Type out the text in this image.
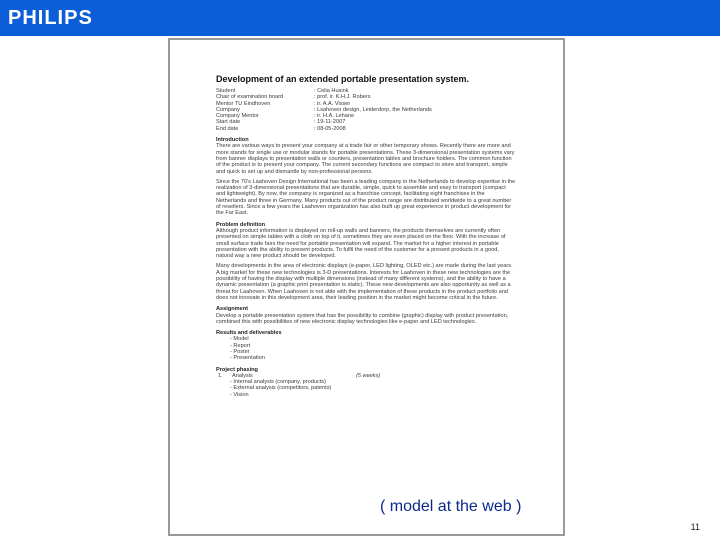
PHILIPS
Development of an extended portable presentation system.
Student	: Celia Husink
Chair of examination board	: prof. ir. K.H.J. Robers
Mentor TU Eindhoven	: ir. A.A. Visser
Company	: Lsahoven design, Leiderdorp, the Netherlands
Company Mentor	: ir. H.A. Lehane
Start date	: 19-11-2007
End date	: 08-05-2008
Introduction

There are various ways to present your company at a trade fair or other temporary shows. Recently there are more and more stands for single use or modular stands for portable presentations. These 3-dimensional presentation systems vary from banner displays to presentation walls or counters, presentation tables and brochure holders. The common function of the product is to present your company. The current secondary functions are compact to store and transport, simple and quick to set up and dismantle by non-professional persons.

Since the 70's Laahoven Design International has been a leading company in the Netherlands to develop expertise in the realization of 3-dimensional presentations that are durable, simple, quick to assemble and easy to transport (compact and lightweight). By now, the company is organized as a franchise concept, facilitating eight franchises in the Netherlands and three in Germany. Many products out of the product range are distributed worldwide to a great number of resellers. Since a few years the Laahoven organization has also built up great experience in product development for the Far East.

Problem definition

Although product information is displayed on roll-up walls and banners, the products themselves are currently often presented on simple tables with a cloth on top of it, sometimes they are even placed on the floor. With the increase of small surface trade fairs the need for portable presentation will expand. The market for a higher interest in portable presentation with the ability to present products. To fulfil the need of the customer for a present products in a good, natural way a new product should be developed.

Many developments in the area of electronic displays (e-paper, LED lighting, OLED etc.) are made during the last years. A big market for these new technologies is 3-D presentations. Interests for Laahoven in these new technologies are the possibility of having the display with multiple dimensions (instead of many different systems), and the ability to have a dynamic presentation (a graphic print presentation is static). These new developments are also opportunity as well as a threat for Laahoven. When Laahoven is not able with the implementation of these products in the product portfolio and does not innovate in this development area, their leading position in the market might become critical in the future.

Assignment

Develop a portable presentation system that has the possibility to combine (graphic) display with product presentation, combined this with possibilities of new electronic display technologies like e-paper and LED technologies.

Results and deliverables
- Model
- Report
- Poster
- Presentation
Project phasing
1.	Analysis	(5 weeks)
- Internal analysis (company, products)
- External analysis (competitors, patents)
- Vision
( model at the web )
11
